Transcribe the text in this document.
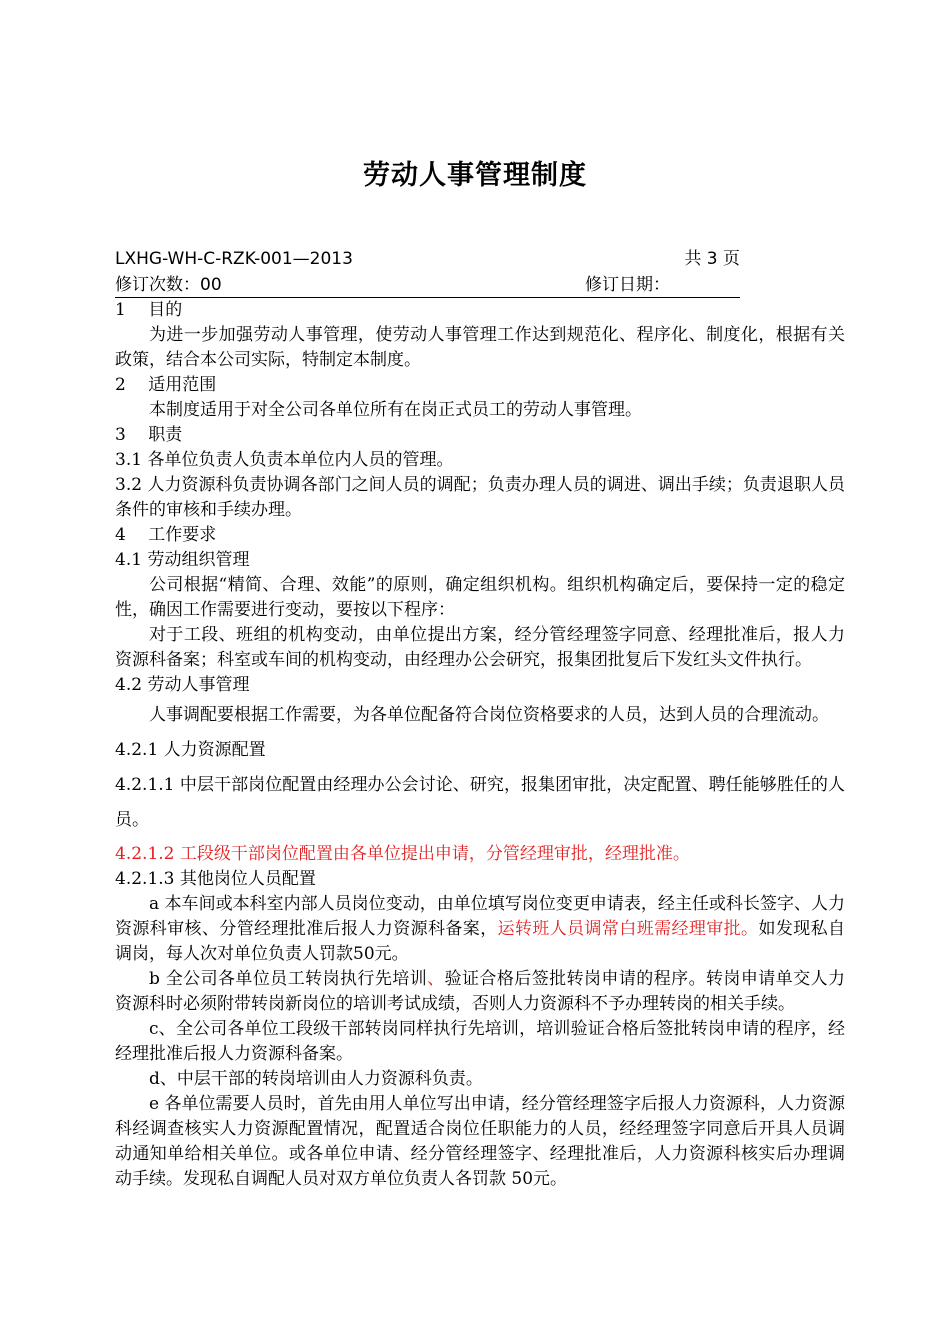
劳动人事管理制度
LXHG-WH-C-RZK-001—2013	共 3 页
修订次数：00	修订日期：

1　 目的

为进一步加强劳动人事管理，使劳动人事管理工作达到规范化、程序化、制度化，根据有关政策，结合本公司实际，特制定本制度。

2　 适用范围

本制度适用于对全公司各单位所有在岗正式员工的劳动人事管理。

3　 职责

3.1 各单位负责人负责本单位内人员的管理。

3.2 人力资源科负责协调各部门之间人员的调配；负责办理人员的调进、调出手续；负责退职人员条件的审核和手续办理。

4　 工作要求

4.1 劳动组织管理

公司根据“精简、合理、效能”的原则，确定组织机构。组织机构确定后，要保持一定的稳定性，确因工作需要进行变动，要按以下程序：

对于工段、班组的机构变动，由单位提出方案，经分管经理签字同意、经理批准后，报人力资源科备案；科室或车间的机构变动，由经理办公会研究，报集团批复后下发红头文件执行。

4.2 劳动人事管理

人事调配要根据工作需要，为各单位配备符合岗位资格要求的人员，达到人员的合理流动。

4.2.1 人力资源配置

4.2.1.1 中层干部岗位配置由经理办公会讨论、研究，报集团审批，决定配置、聘任能够胜任的人员。

4.2.1.2 工段级干部岗位配置由各单位提出申请，分管经理审批，经理批准。

4.2.1.3 其他岗位人员配置

a 本车间或本科室内部人员岗位变动，由单位填写岗位变更申请表，经主任或科长签字、人力资源科审核、分管经理批准后报人力资源科备案，运转班人员调常白班需经理审批。如发现私自调岗，每人次对单位负责人罚款50元。

b 全公司各单位员工转岗执行先培训、验证合格后签批转岗申请的程序。转岗申请单交人力资源科时必须附带转岗新岗位的培训考试成绩，否则人力资源科不予办理转岗的相关手续。

c、全公司各单位工段级干部转岗同样执行先培训，培训验证合格后签批转岗申请的程序，经经理批准后报人力资源科备案。

d、中层干部的转岗培训由人力资源科负责。

e 各单位需要人员时，首先由用人单位写出申请，经分管经理签字后报人力资源科，人力资源科经调查核实人力资源配置情况，配置适合岗位任职能力的人员，经经理签字同意后开具人员调动通知单给相关单位。或各单位申请、经分管经理签字、经理批准后，人力资源科核实后办理调动手续。发现私自调配人员对双方单位负责人各罚款 50元。
